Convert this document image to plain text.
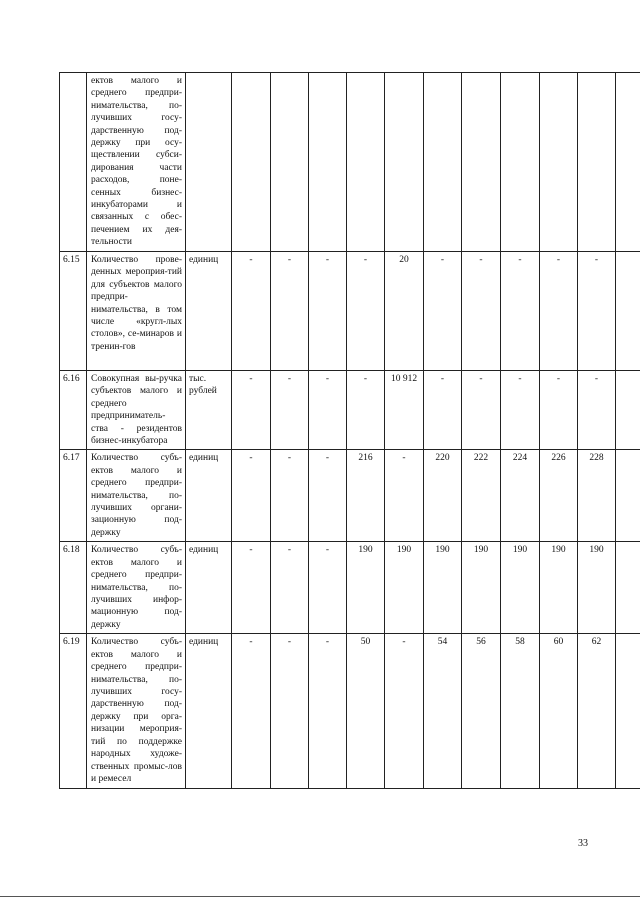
	ектов малого и среднего предпри-нимательства, по-лучивших госу-дарственную под-держку при осу-ществлении субси-дирования части расходов, поне-сенных бизнес-инкубаторами и связанных с обес-печением их дея-тельности												
6.15	Количество прове-денных мероприя-тий для субъектов малого предпри-нимательства, в том числе «кругл-лых столов», се-минаров и тренин-гов	единиц	-	-	-	-	20	-	-	-	-	-	
6.16	Совокупная вы-ручка субъектов малого и среднего предприниматель-ства - резидентов бизнес-инкубатора	тыс. рублей	-	-	-	-	10 912	-	-	-	-	-	
6.17	Количество субъ-ектов малого и среднего предпри-нимательства, по-лучивших органи-зационную под-держку	единиц	-	-	-	216	-	220	222	224	226	228	
6.18	Количество субъ-ектов малого и среднего предпри-нимательства, по-лучивших инфор-мационную под-держку	единиц	-	-	-	190	190	190	190	190	190	190	
6.19	Количество субъ-ектов малого и среднего предпри-нимательства, по-лучивших госу-дарственную под-держку при орга-низации мероприя-тий по поддержке народных художе-ственных промыс-лов и ремесел	единиц	-	-	-	50	-	54	56	58	60	62	
33
